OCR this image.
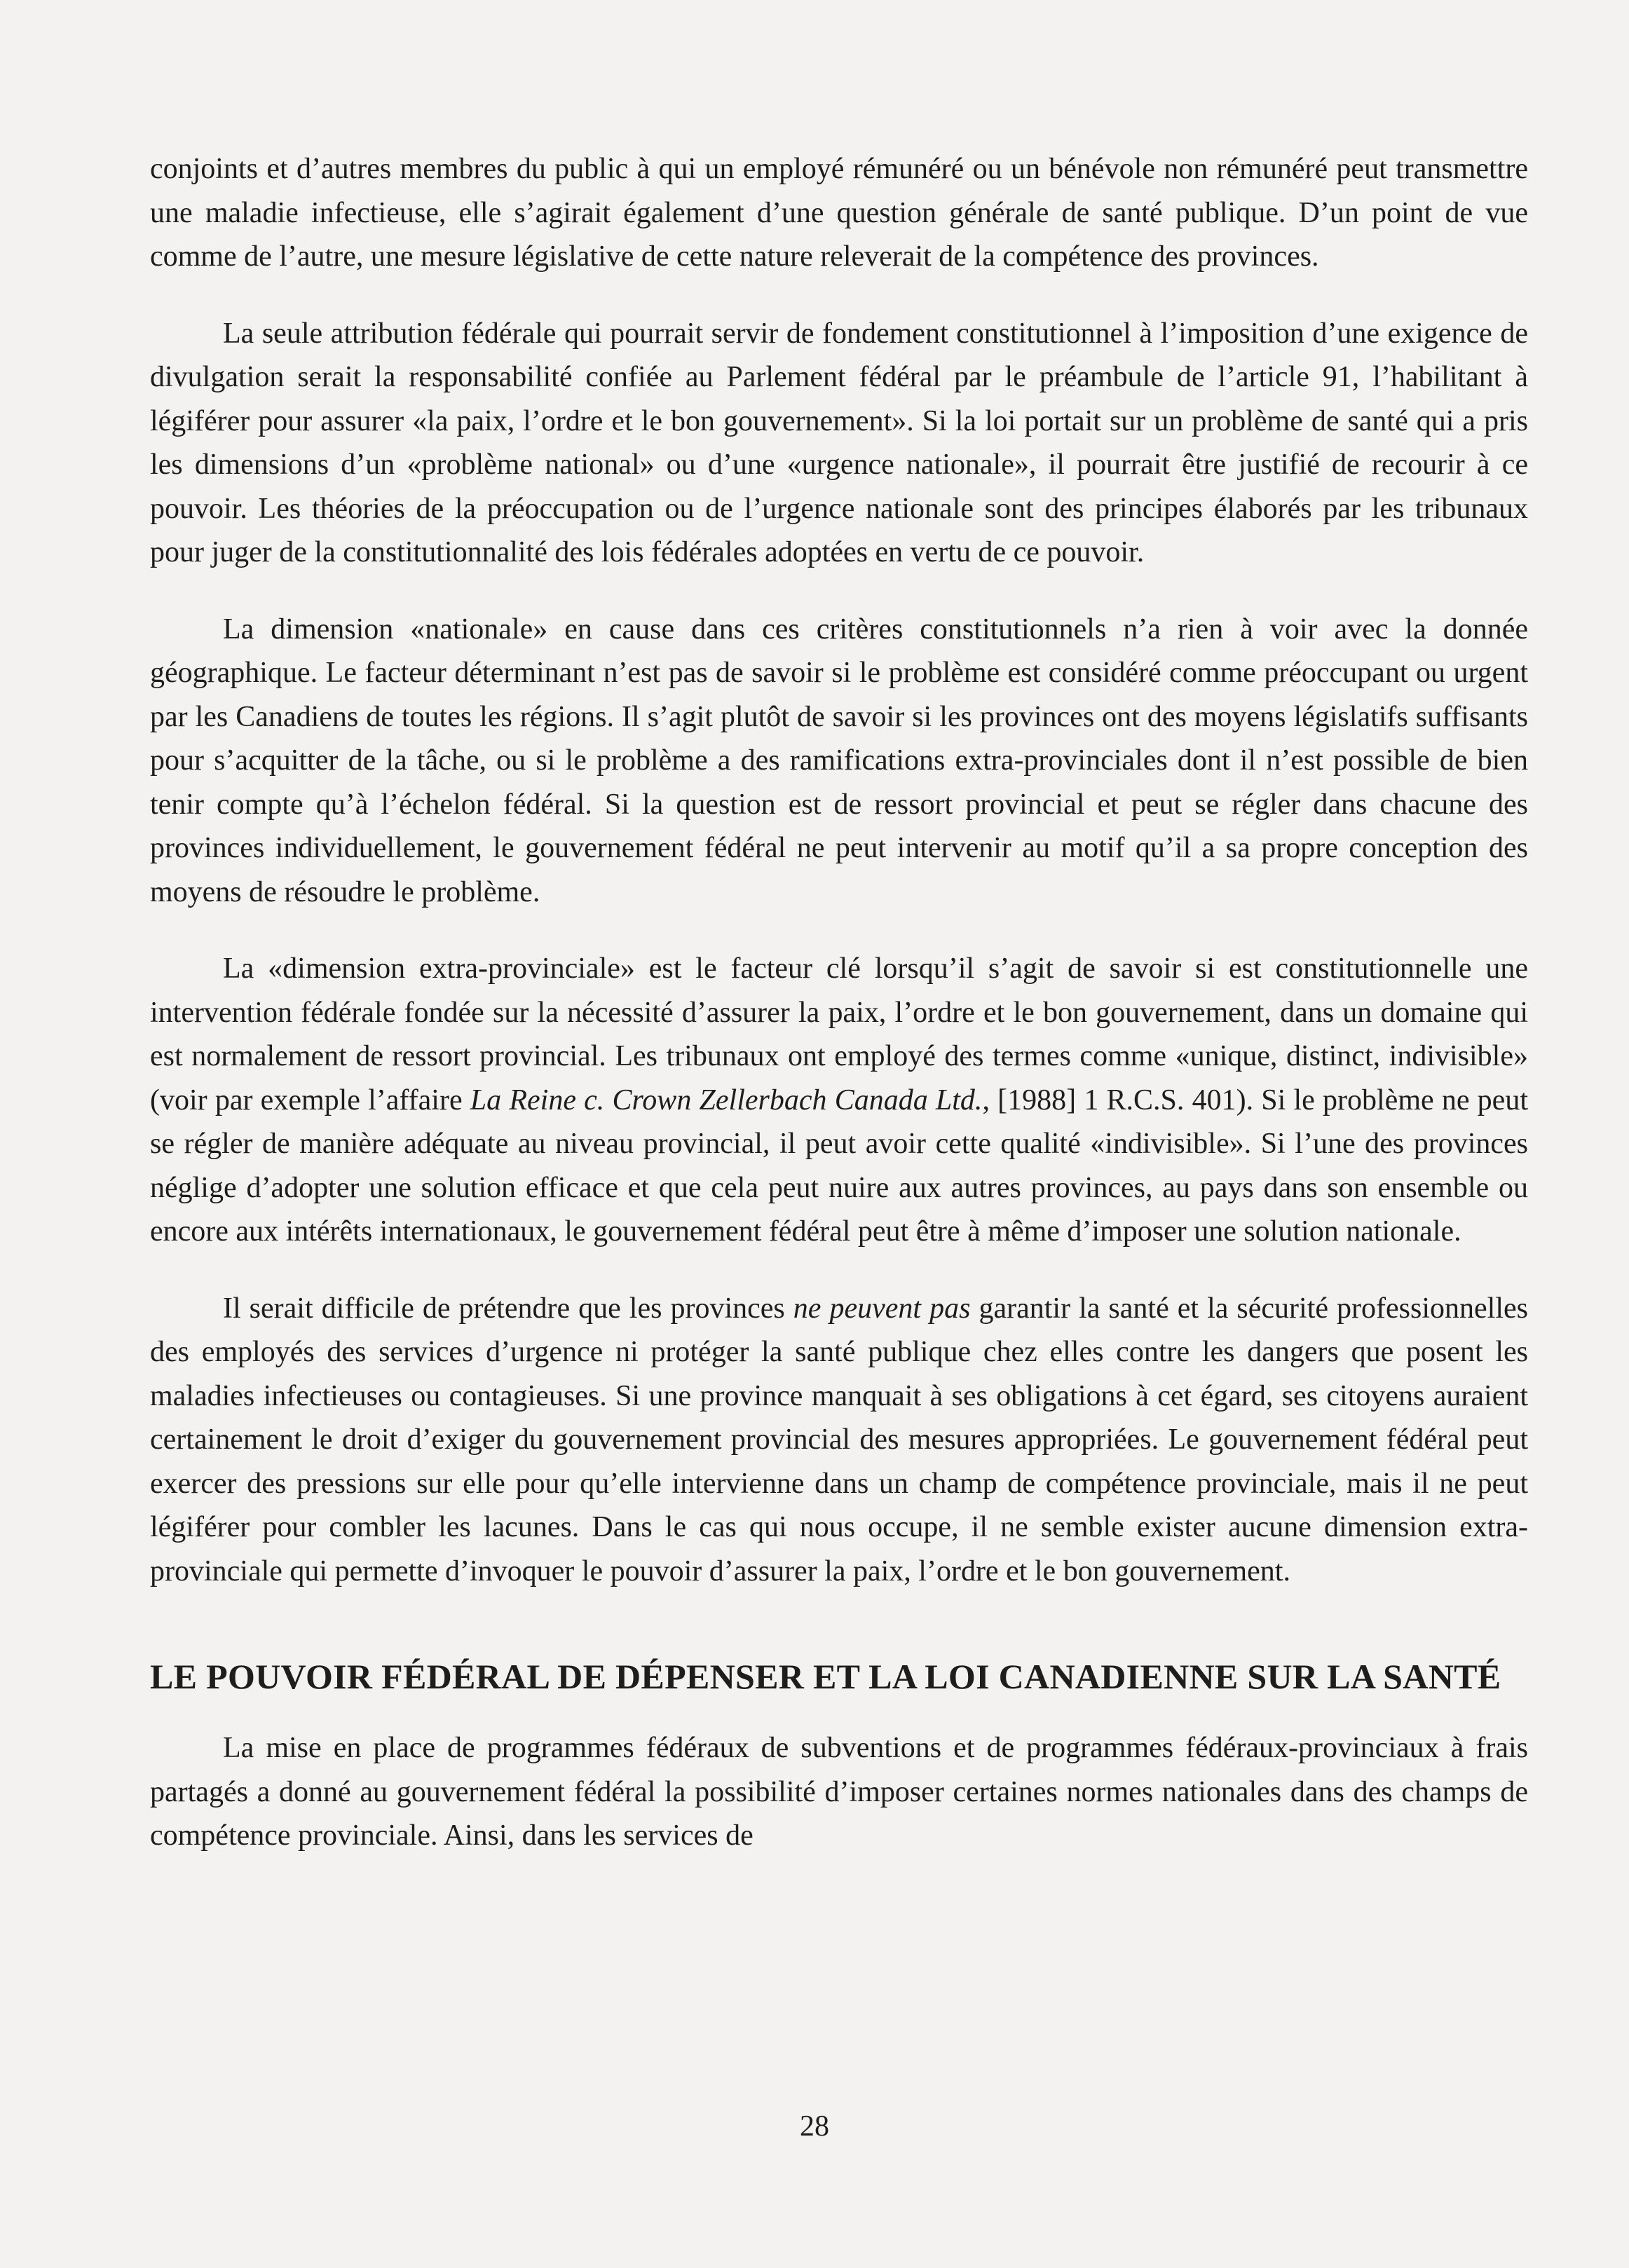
conjoints et d’autres membres du public à qui un employé rémunéré ou un bénévole non rémunéré peut transmettre une maladie infectieuse, elle s’agirait également d’une question générale de santé publique. D’un point de vue comme de l’autre, une mesure législative de cette nature releverait de la compétence des provinces.

La seule attribution fédérale qui pourrait servir de fondement constitutionnel à l’imposition d’une exigence de divulgation serait la responsabilité confiée au Parlement fédéral par le préambule de l’article 91, l’habilitant à légiférer pour assurer «la paix, l’ordre et le bon gouvernement». Si la loi portait sur un problème de santé qui a pris les dimensions d’un «problème national» ou d’une «urgence nationale», il pourrait être justifié de recourir à ce pouvoir. Les théories de la préoccupation ou de l’urgence nationale sont des principes élaborés par les tribunaux pour juger de la constitutionnalité des lois fédérales adoptées en vertu de ce pouvoir.

La dimension «nationale» en cause dans ces critères constitutionnels n’a rien à voir avec la donnée géographique. Le facteur déterminant n’est pas de savoir si le problème est considéré comme préoccupant ou urgent par les Canadiens de toutes les régions. Il s’agit plutôt de savoir si les provinces ont des moyens législatifs suffisants pour s’acquitter de la tâche, ou si le problème a des ramifications extra-provinciales dont il n’est possible de bien tenir compte qu’à l’échelon fédéral. Si la question est de ressort provincial et peut se régler dans chacune des provinces individuellement, le gouvernement fédéral ne peut intervenir au motif qu’il a sa propre conception des moyens de résoudre le problème.

La «dimension extra-provinciale» est le facteur clé lorsqu’il s’agit de savoir si est constitutionnelle une intervention fédérale fondée sur la nécessité d’assurer la paix, l’ordre et le bon gouvernement, dans un domaine qui est normalement de ressort provincial. Les tribunaux ont employé des termes comme «unique, distinct, indivisible» (voir par exemple l’affaire La Reine c. Crown Zellerbach Canada Ltd., [1988] 1 R.C.S. 401). Si le problème ne peut se régler de manière adéquate au niveau provincial, il peut avoir cette qualité «indivisible». Si l’une des provinces néglige d’adopter une solution efficace et que cela peut nuire aux autres provinces, au pays dans son ensemble ou encore aux intérêts internationaux, le gouvernement fédéral peut être à même d’imposer une solution nationale.

Il serait difficile de prétendre que les provinces ne peuvent pas garantir la santé et la sécurité professionnelles des employés des services d’urgence ni protéger la santé publique chez elles contre les dangers que posent les maladies infectieuses ou contagieuses. Si une province manquait à ses obligations à cet égard, ses citoyens auraient certainement le droit d’exiger du gouvernement provincial des mesures appropriées. Le gouvernement fédéral peut exercer des pressions sur elle pour qu’elle intervienne dans un champ de compétence provinciale, mais il ne peut légiférer pour combler les lacunes. Dans le cas qui nous occupe, il ne semble exister aucune dimension extra-provinciale qui permette d’invoquer le pouvoir d’assurer la paix, l’ordre et le bon gouvernement.

LE POUVOIR FÉDÉRAL DE DÉPENSER ET LA LOI CANADIENNE SUR LA SANTÉ

La mise en place de programmes fédéraux de subventions et de programmes fédéraux-provinciaux à frais partagés a donné au gouvernement fédéral la possibilité d’imposer certaines normes nationales dans des champs de compétence provinciale. Ainsi, dans les services de

28
